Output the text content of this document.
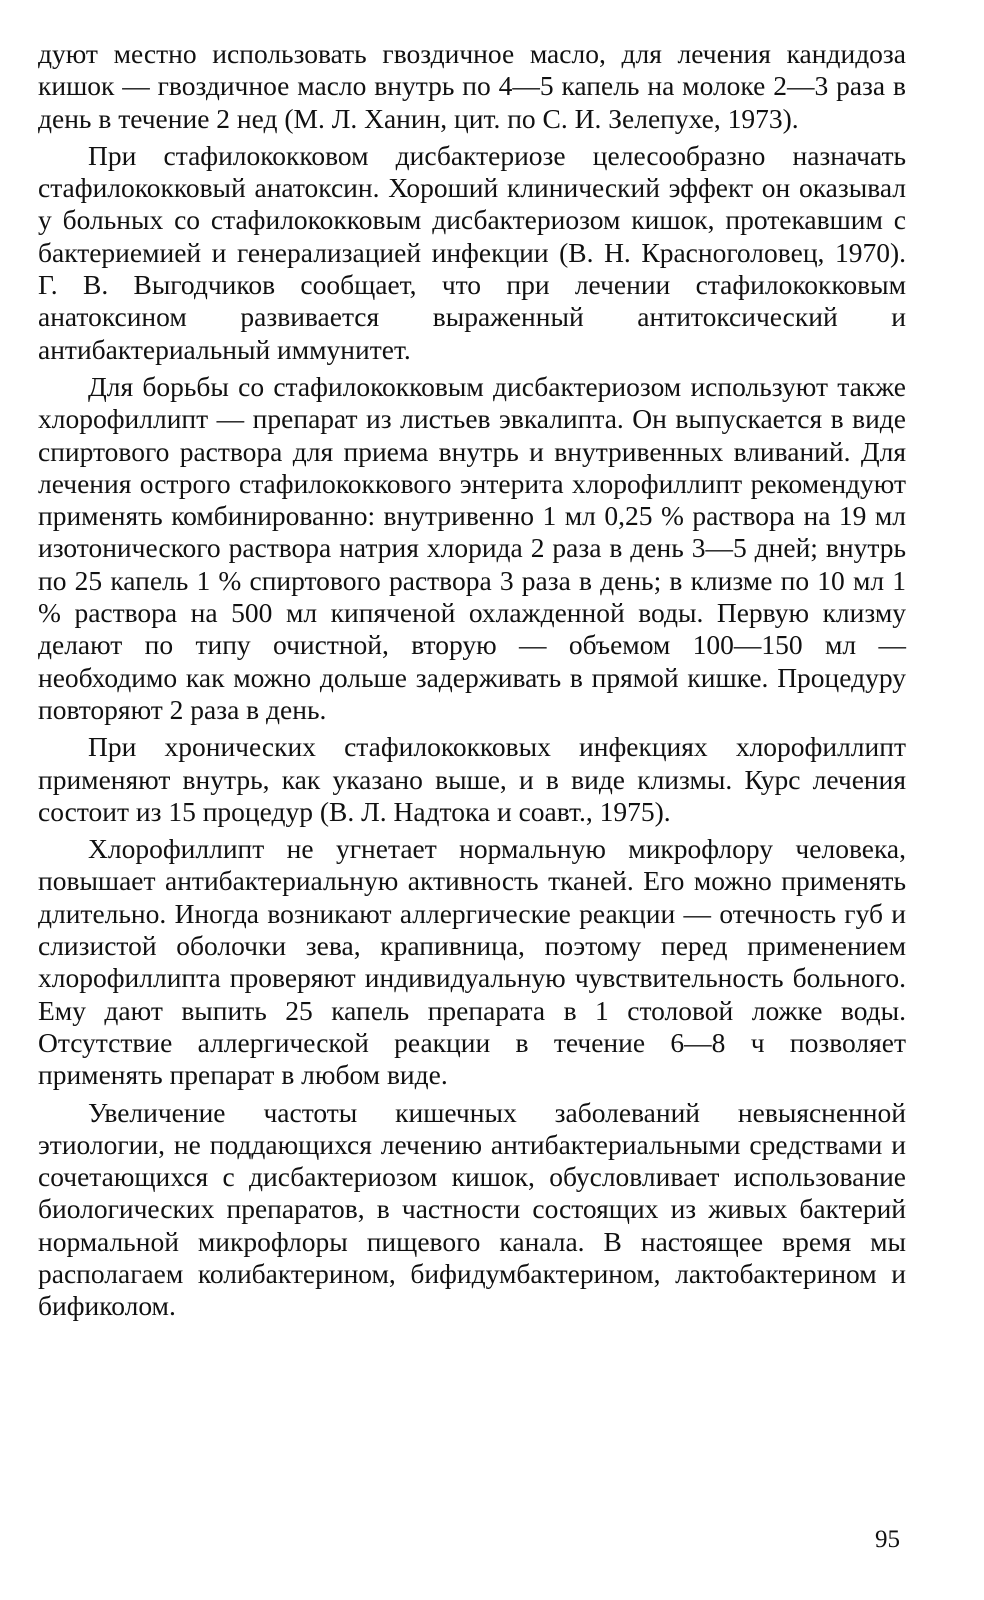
дуют местно использовать гвоздичное масло, для лечения кандидоза кишок — гвоздичное масло внутрь по 4—5 капель на молоке 2—3 раза в день в течение 2 нед (М. Л. Ханин, цит. по С. И. Зелепухе, 1973).

При стафилококковом дисбактериозе целесообразно назначать стафилококковый анатоксин. Хороший клинический эффект он оказывал у больных со стафилококковым дисбактериозом кишок, протекавшим с бактериемией и генерализацией инфекции (В. Н. Красноголовец, 1970). Г. В. Выгодчиков сообщает, что при лечении стафилококковым анатоксином развивается выраженный антитоксический и антибактериальный иммунитет.

Для борьбы со стафилококковым дисбактериозом используют также хлорофиллипт — препарат из листьев эвкалипта. Он выпускается в виде спиртового раствора для приема внутрь и внутривенных вливаний. Для лечения острого стафилококкового энтерита хлорофиллипт рекомендуют применять комбинированно: внутривенно 1 мл 0,25 % раствора на 19 мл изотонического раствора натрия хлорида 2 раза в день 3—5 дней; внутрь по 25 капель 1 % спиртового раствора 3 раза в день; в клизме по 10 мл 1 % раствора на 500 мл кипяченой охлажденной воды. Первую клизму делают по типу очистной, вторую — объемом 100—150 мл — необходимо как можно дольше задерживать в прямой кишке. Процедуру повторяют 2 раза в день.

При хронических стафилококковых инфекциях хлорофиллипт применяют внутрь, как указано выше, и в виде клизмы. Курс лечения состоит из 15 процедур (В. Л. Надтока и соавт., 1975).

Хлорофиллипт не угнетает нормальную микрофлору человека, повышает антибактериальную активность тканей. Его можно применять длительно. Иногда возникают аллергические реакции — отечность губ и слизистой оболочки зева, крапивница, поэтому перед применением хлорофиллипта проверяют индивидуальную чувствительность больного. Ему дают выпить 25 капель препарата в 1 столовой ложке воды. Отсутствие аллергической реакции в течение 6—8 ч позволяет применять препарат в любом виде.

Увеличение частоты кишечных заболеваний невыясненной этиологии, не поддающихся лечению антибактериальными средствами и сочетающихся с дисбактериозом кишок, обусловливает использование биологических препаратов, в частности состоящих из живых бактерий нормальной микрофлоры пищевого канала. В настоящее время мы располагаем колибактерином, бифидумбактерином, лактобактерином и бификолом.

95
